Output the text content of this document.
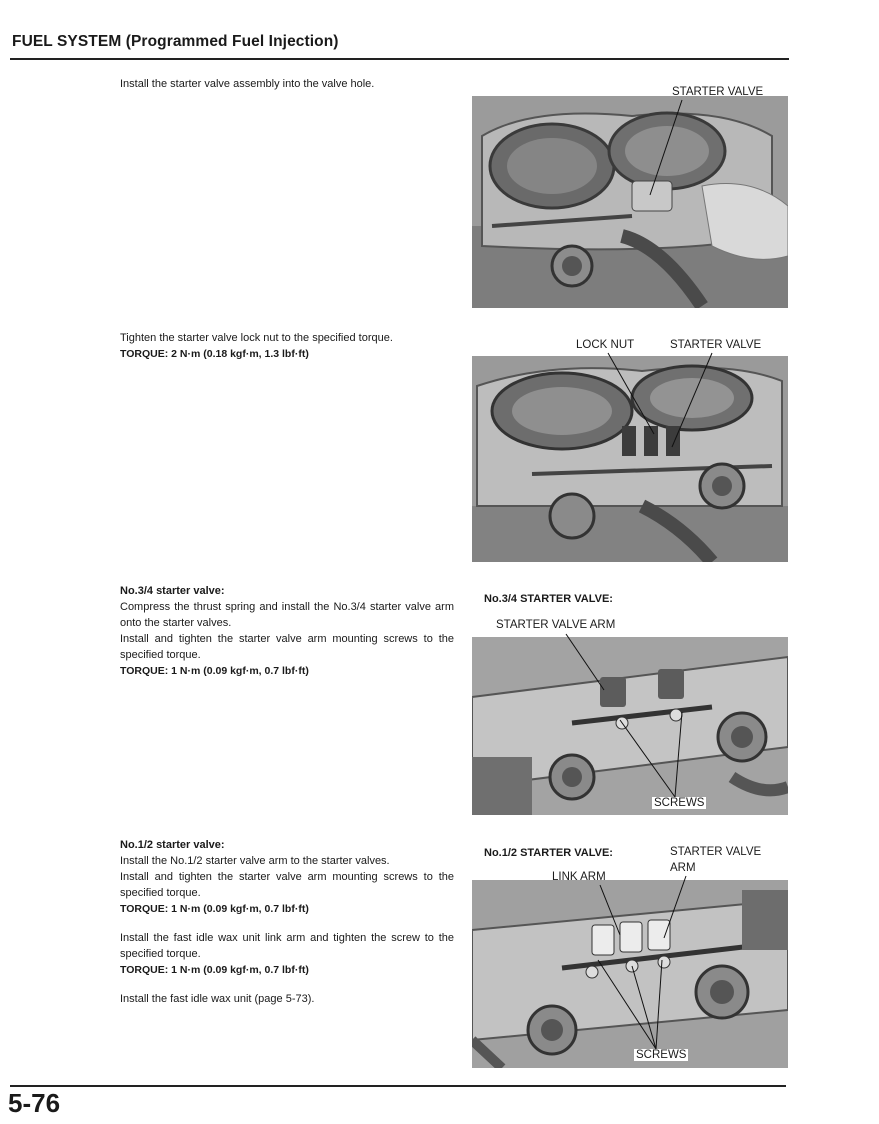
FUEL SYSTEM (Programmed Fuel Injection)

Install the starter valve assembly into the valve hole.

STARTER VALVE

Tighten the starter valve lock nut to the specified torque.

TORQUE: 2 N·m (0.18 kgf·m, 1.3 lbf·ft)

LOCK NUT	STARTER VALVE

No.3/4 starter valve:

Compress the thrust spring and install the No.3/4 starter valve arm onto the starter valves.

Install and tighten the starter valve arm mounting screws to the specified torque.

TORQUE: 1 N·m (0.09 kgf·m, 0.7 lbf·ft)

No.3/4 STARTER VALVE:
STARTER VALVE ARM
SCREWS

No.1/2 starter valve:

Install the No.1/2 starter valve arm to the starter valves.

Install and tighten the starter valve arm mounting screws to the specified torque.

TORQUE: 1 N·m (0.09 kgf·m, 0.7 lbf·ft)

Install the fast idle wax unit link arm and tighten the screw to the specified torque.

TORQUE: 1 N·m (0.09 kgf·m, 0.7 lbf·ft)

Install the fast idle wax unit (page 5-73).

No.1/2 STARTER VALVE:	STARTER VALVE
ARM
LINK ARM
SCREWS
5-76
